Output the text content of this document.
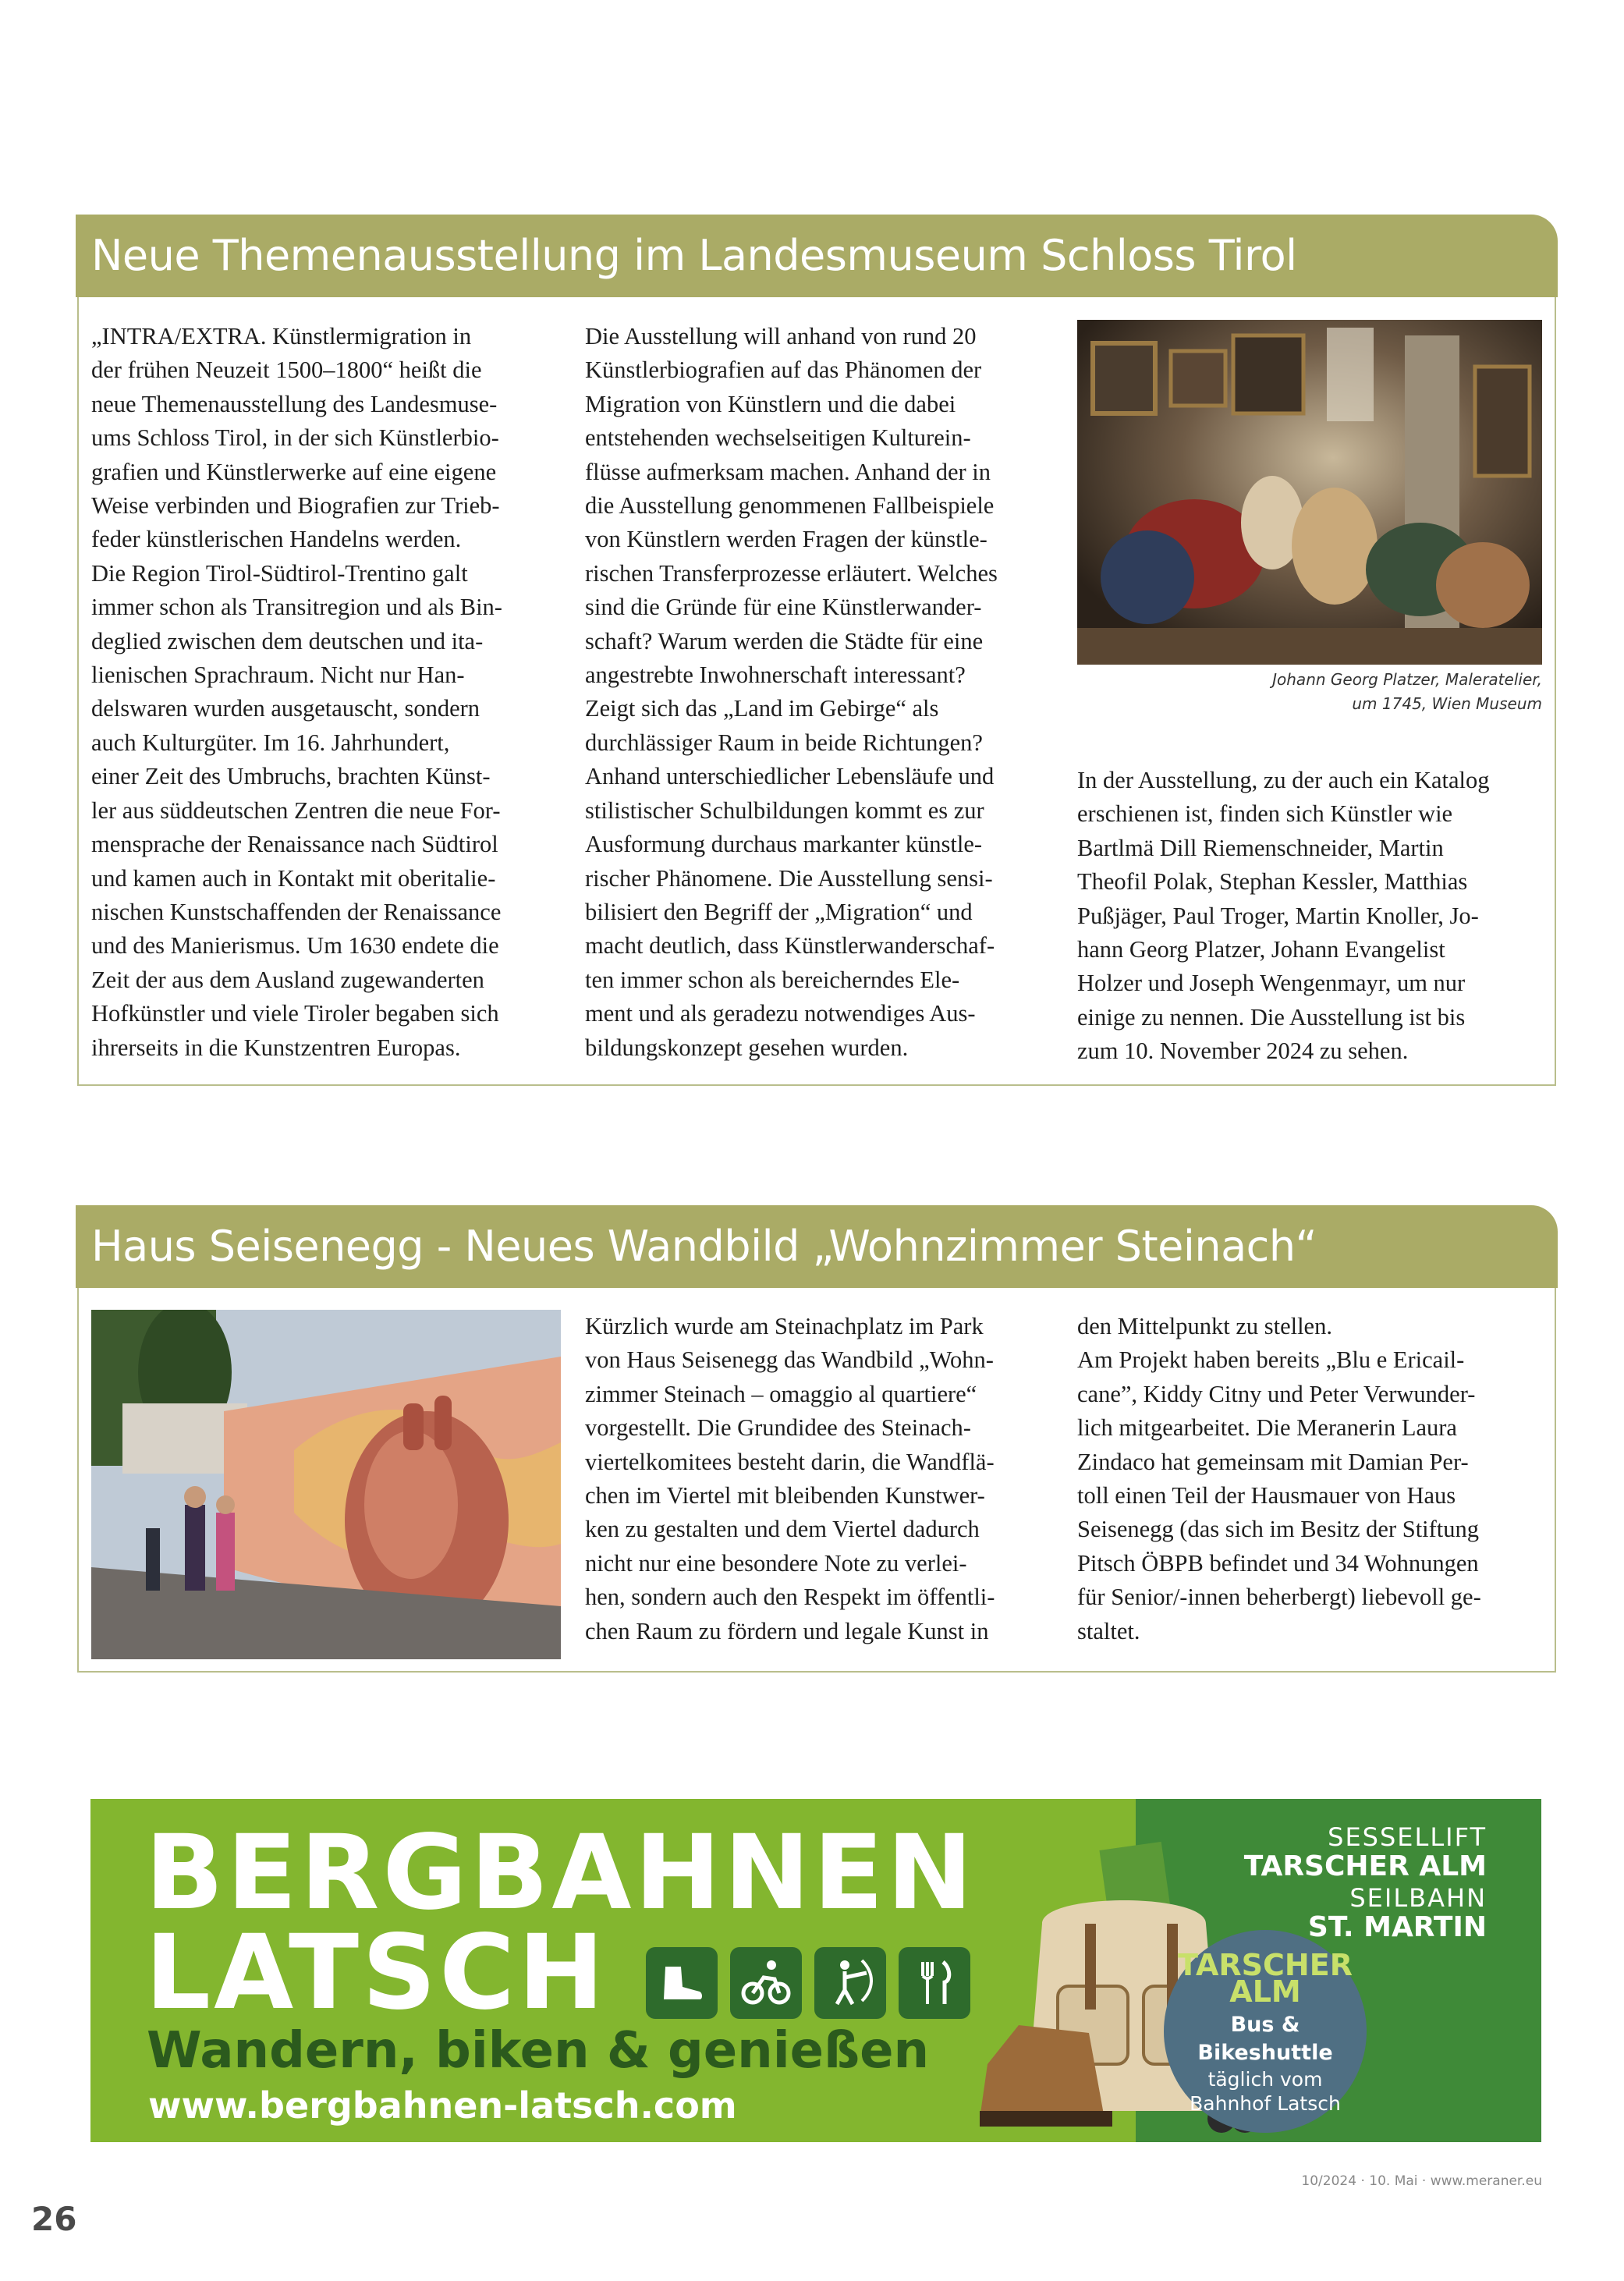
Neue Themenausstellung im Landesmuseum Schloss Tirol

„INTRA/EXTRA. Künstlermigration in

der frühen Neuzeit 1500–1800“ heißt die

neue Themenausstellung des Landesmuse-

ums Schloss Tirol, in der sich Künstlerbio-

grafien und Künstlerwerke auf eine eigene

Weise verbinden und Biografien zur Trieb-

feder künstlerischen Handelns werden.

Die Region Tirol-Südtirol-Trentino galt

immer schon als Transitregion und als Bin-

deglied zwischen dem deutschen und ita-

lienischen Sprachraum. Nicht nur Han-

delswaren wurden ausgetauscht, sondern

auch Kulturgüter. Im 16. Jahrhundert,

einer Zeit des Umbruchs, brachten Künst-

ler aus süddeutschen Zentren die neue For-

mensprache der Renaissance nach Südtirol

und kamen auch in Kontakt mit oberitalie-

nischen Kunstschaffenden der Renaissance

und des Manierismus. Um 1630 endete die

Zeit der aus dem Ausland zugewanderten

Hofkünstler und viele Tiroler begaben sich

ihrerseits in die Kunstzentren Europas.

Die Ausstellung will anhand von rund 20

Künstlerbiografien auf das Phänomen der

Migration von Künstlern und die dabei

entstehenden wechselseitigen Kulturein-

flüsse aufmerksam machen. Anhand der in

die Ausstellung genommenen Fallbeispiele

von Künstlern werden Fragen der künstle-

rischen Transferprozesse erläutert. Welches

sind die Gründe für eine Künstlerwander-

schaft? Warum werden die Städte für eine

angestrebte Inwohnerschaft interessant?

Zeigt sich das „Land im Gebirge“ als

durchlässiger Raum in beide Richtungen?

Anhand unterschiedlicher Lebensläufe und

stilistischer Schulbildungen kommt es zur

Ausformung durchaus markanter künstle-

rischer Phänomene. Die Ausstellung sensi-

bilisiert den Begriff der „Migration“ und

macht deutlich, dass Künstlerwanderschaf-

ten immer schon als bereicherndes Ele-

ment und als geradezu notwendiges Aus-

bildungskonzept gesehen wurden.

Johann Georg Platzer, Maleratelier,
um 1745, Wien Museum

In der Ausstellung, zu der auch ein Katalog

erschienen ist, finden sich Künstler wie

Bartlmä Dill Riemenschneider, Martin

Theofil Polak, Stephan Kessler, Matthias

Pußjäger, Paul Troger, Martin Knoller, Jo-

hann Georg Platzer, Johann Evangelist

Holzer und Joseph Wengenmayr, um nur

einige zu nennen. Die Ausstellung ist bis

zum 10. November 2024 zu sehen.

Haus Seisenegg - Neues Wandbild „Wohnzimmer Steinach“

Kürzlich wurde am Steinachplatz im Park

von Haus Seisenegg das Wandbild „Wohn-

zimmer Steinach – omaggio al quartiere“

vorgestellt. Die Grundidee des Steinach-

viertelkomitees besteht darin, die Wandflä-

chen im Viertel mit bleibenden Kunstwer-

ken zu gestalten und dem Viertel dadurch

nicht nur eine besondere Note zu verlei-

hen, sondern auch den Respekt im öffentli-

chen Raum zu fördern und legale Kunst in

den Mittelpunkt zu stellen.

Am Projekt haben bereits „Blu e Ericail-

cane”, Kiddy Citny und Peter Verwunder-

lich mitgearbeitet. Die Meranerin Laura

Zindaco hat gemeinsam mit Damian Per-

toll einen Teil der Hausmauer von Haus

Seisenegg (das sich im Besitz der Stiftung

Pitsch ÖBPB befindet und 34 Wohnungen

für Senior/-innen beherbergt) liebevoll ge-

staltet.

BERGBAHNEN
LATSCH
Wandern, biken & genießen
www.bergbahnen-latsch.com
SESSELLIFT
TARSCHER ALM
SEILBAHN
ST. MARTIN
TARSCHER
ALM
Bus & Bikeshuttle
täglich vom
Bahnhof Latsch
10/2024 · 10. Mai · www.meraner.eu
26
